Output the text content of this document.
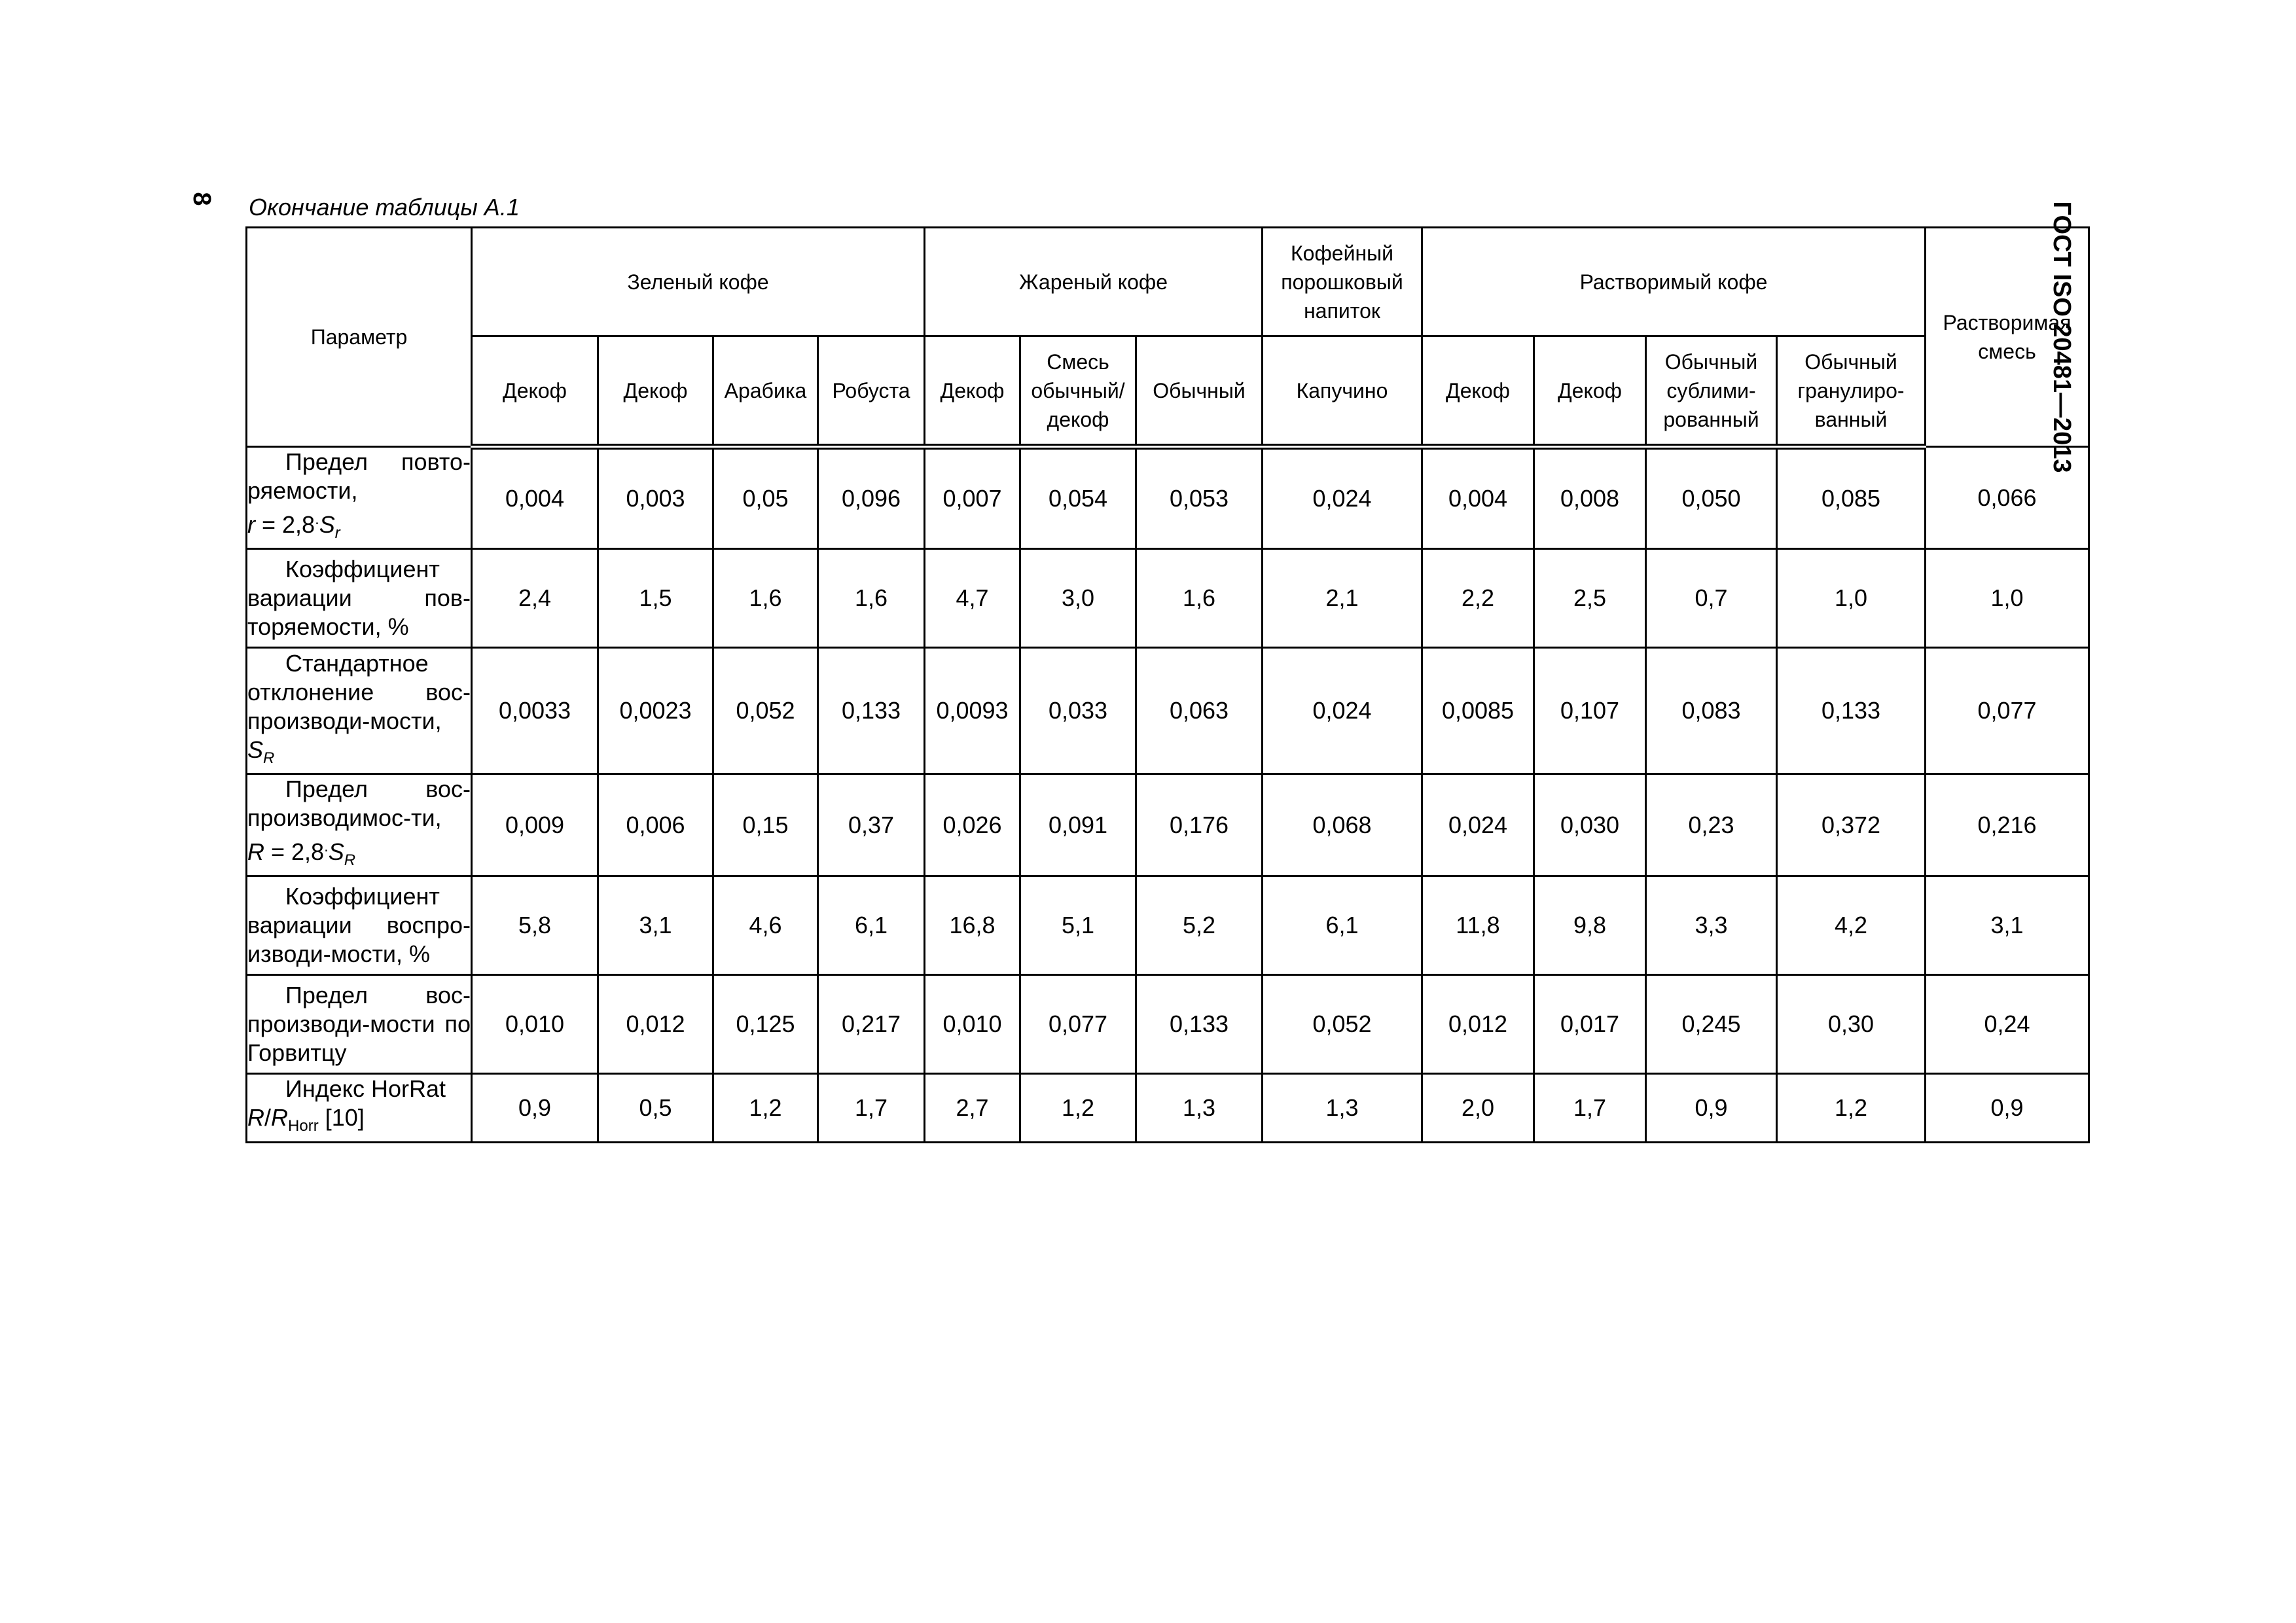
8
ГОСТ ISO 20481—2013
Окончание таблицы А.1
Параметр	Зеленый кофе				Жареный кофе			Кофейный порошковый напиток	Растворимый кофе				Растворимая смесь
	Декоф	Декоф	Арабика	Робуста	Декоф	Смесь обычный/ декоф	Обычный	Капучино	Декоф	Декоф	Обычный сублими-рованный	Обычный гранулиро-ванный	
Предел повто-ряемости,
$r = 2,8^.S_r$	0,004	0,003	0,05	0,096	0,007	0,054	0,053	0,024	0,004	0,008	0,050	0,085	0,066
Коэффициент вариации пов-торяемости, %	2,4	1,5	1,6	1,6	4,7	3,0	1,6	2,1	2,2	2,5	0,7	1,0	1,0
Стандартное отклонение вос-производи-мости,
$S_R$	0,0033	0,0023	0,052	0,133	0,0093	0,033	0,063	0,024	0,0085	0,107	0,083	0,133	0,077
Предел вос-производимос-ти,
$R = 2,8^.S_R$	0,009	0,006	0,15	0,37	0,026	0,091	0,176	0,068	0,024	0,030	0,23	0,372	0,216
Коэффициент вариации воспро-изводи-мости, %	5,8	3,1	4,6	6,1	16,8	5,1	5,2	6,1	11,8	9,8	3,3	4,2	3,1
Предел вос-производи-мости по Горвитцу	0,010	0,012	0,125	0,217	0,010	0,077	0,133	0,052	0,012	0,017	0,245	0,30	0,24
Индекс HorRat
$R/R_{Horr}$ [10]	0,9	0,5	1,2	1,7	2,7	1,2	1,3	1,3	2,0	1,7	0,9	1,2	0,9
